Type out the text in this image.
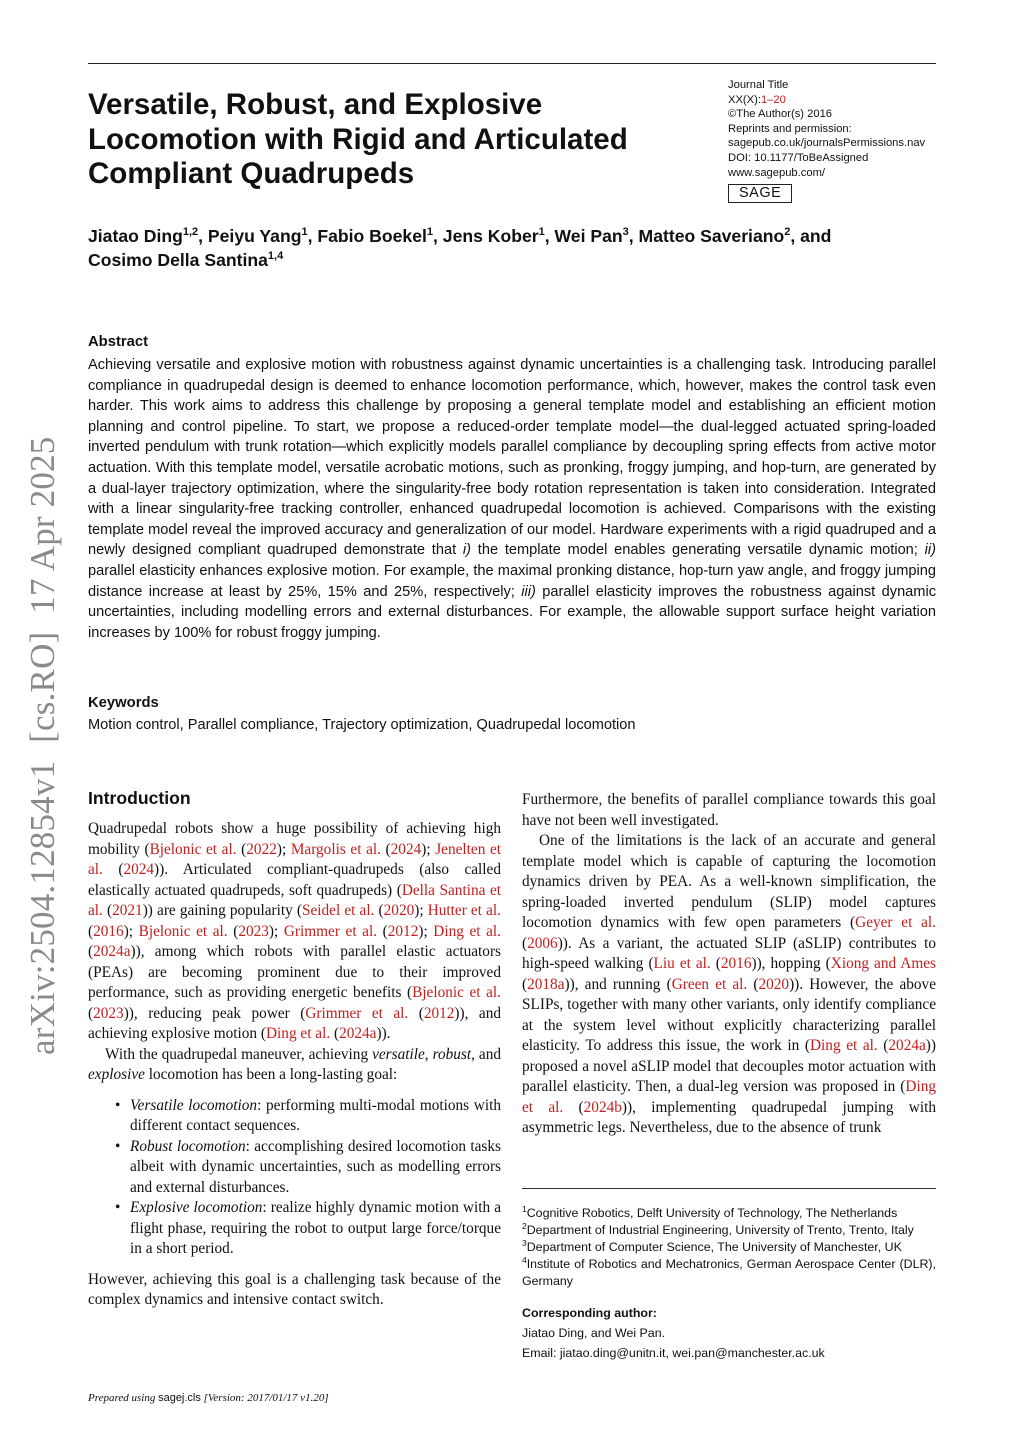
Versatile, Robust, and Explosive
Locomotion with Rigid and Articulated
Compliant Quadrupeds
Journal Title
XX(X):1–20
©The Author(s) 2016
Reprints and permission:
sagepub.co.uk/journalsPermissions.nav
DOI: 10.1177/ToBeAssigned
www.sagepub.com/
SAGE
Jiatao Ding$^{1,2}$, Peiyu Yang$^1$, Fabio Boekel$^1$, Jens Kober$^1$, Wei Pan$^3$, Matteo Saveriano$^2$, and
Cosimo Della Santina$^{1,4}$
Abstract
Achieving versatile and explosive motion with robustness against dynamic uncertainties is a challenging task. Introducing parallel compliance in quadrupedal design is deemed to enhance locomotion performance, which, however, makes the control task even harder. This work aims to address this challenge by proposing a general template model and establishing an efficient motion planning and control pipeline. To start, we propose a reduced-order template model—the dual-legged actuated spring-loaded inverted pendulum with trunk rotation—which explicitly models parallel compliance by decoupling spring effects from active motor actuation. With this template model, versatile acrobatic motions, such as pronking, froggy jumping, and hop-turn, are generated by a dual-layer trajectory optimization, where the singularity-free body rotation representation is taken into consideration. Integrated with a linear singularity-free tracking controller, enhanced quadrupedal locomotion is achieved. Comparisons with the existing template model reveal the improved accuracy and generalization of our model. Hardware experiments with a rigid quadruped and a newly designed compliant quadruped demonstrate that i) the template model enables generating versatile dynamic motion; ii) parallel elasticity enhances explosive motion. For example, the maximal pronking distance, hop-turn yaw angle, and froggy jumping distance increase at least by 25%, 15% and 25%, respectively; iii) parallel elasticity improves the robustness against dynamic uncertainties, including modelling errors and external disturbances. For example, the allowable support surface height variation increases by 100% for robust froggy jumping.
Keywords
Motion control, Parallel compliance, Trajectory optimization, Quadrupedal locomotion
arXiv:2504.12854v1  [cs.RO]  17 Apr 2025 Introduction

Quadrupedal robots show a huge possibility of achieving high mobility (Bjelonic et al. (2022); Margolis et al. (2024); Jenelten et al. (2024)). Articulated compliant-quadrupeds (also called elastically actuated quadrupeds, soft quadrupeds) (Della Santina et al. (2021)) are gaining popularity (Seidel et al. (2020); Hutter et al. (2016); Bjelonic et al. (2023); Grimmer et al. (2012); Ding et al. (2024a)), among which robots with parallel elastic actuators (PEAs) are becoming prominent due to their improved performance, such as providing energetic benefits (Bjelonic et al. (2023)), reducing peak power (Grimmer et al. (2012)), and achieving explosive motion (Ding et al. (2024a)).

With the quadrupedal maneuver, achieving versatile, robust, and explosive locomotion has been a long-lasting goal:

• Versatile locomotion: performing multi-modal motions with different contact sequences.
• Robust locomotion: accomplishing desired locomotion tasks albeit with dynamic uncertainties, such as modelling errors and external disturbances.
• Explosive locomotion: realize highly dynamic motion with a flight phase, requiring the robot to output large force/torque in a short period.

However, achieving this goal is a challenging task because of the complex dynamics and intensive contact switch.

Furthermore, the benefits of parallel compliance towards this goal have not been well investigated.

One of the limitations is the lack of an accurate and general template model which is capable of capturing the locomotion dynamics driven by PEA. As a well-known simplification, the spring-loaded inverted pendulum (SLIP) model captures locomotion dynamics with few open parameters (Geyer et al. (2006)). As a variant, the actuated SLIP (aSLIP) contributes to high-speed walking (Liu et al. (2016)), hopping (Xiong and Ames (2018a)), and running (Green et al. (2020)). However, the above SLIPs, together with many other variants, only identify compliance at the system level without explicitly characterizing parallel elasticity. To address this issue, the work in (Ding et al. (2024a)) proposed a novel aSLIP model that decouples motor actuation with parallel elasticity. Then, a dual-leg version was proposed in (Ding et al. (2024b)), implementing quadrupedal jumping with asymmetric legs. Nevertheless, due to the absence of trunk

$^1$Cognitive Robotics, Delft University of Technology, The Netherlands
$^2$Department of Industrial Engineering, University of Trento, Trento, Italy
$^3$Department of Computer Science, The University of Manchester, UK
$^4$Institute of Robotics and Mechatronics, German Aerospace Center (DLR), Germany
Corresponding author:
Jiatao Ding, and Wei Pan.
Email: jiatao.ding@unitn.it, wei.pan@manchester.ac.uk
Prepared using sagej.cls [Version: 2017/01/17 v1.20]
